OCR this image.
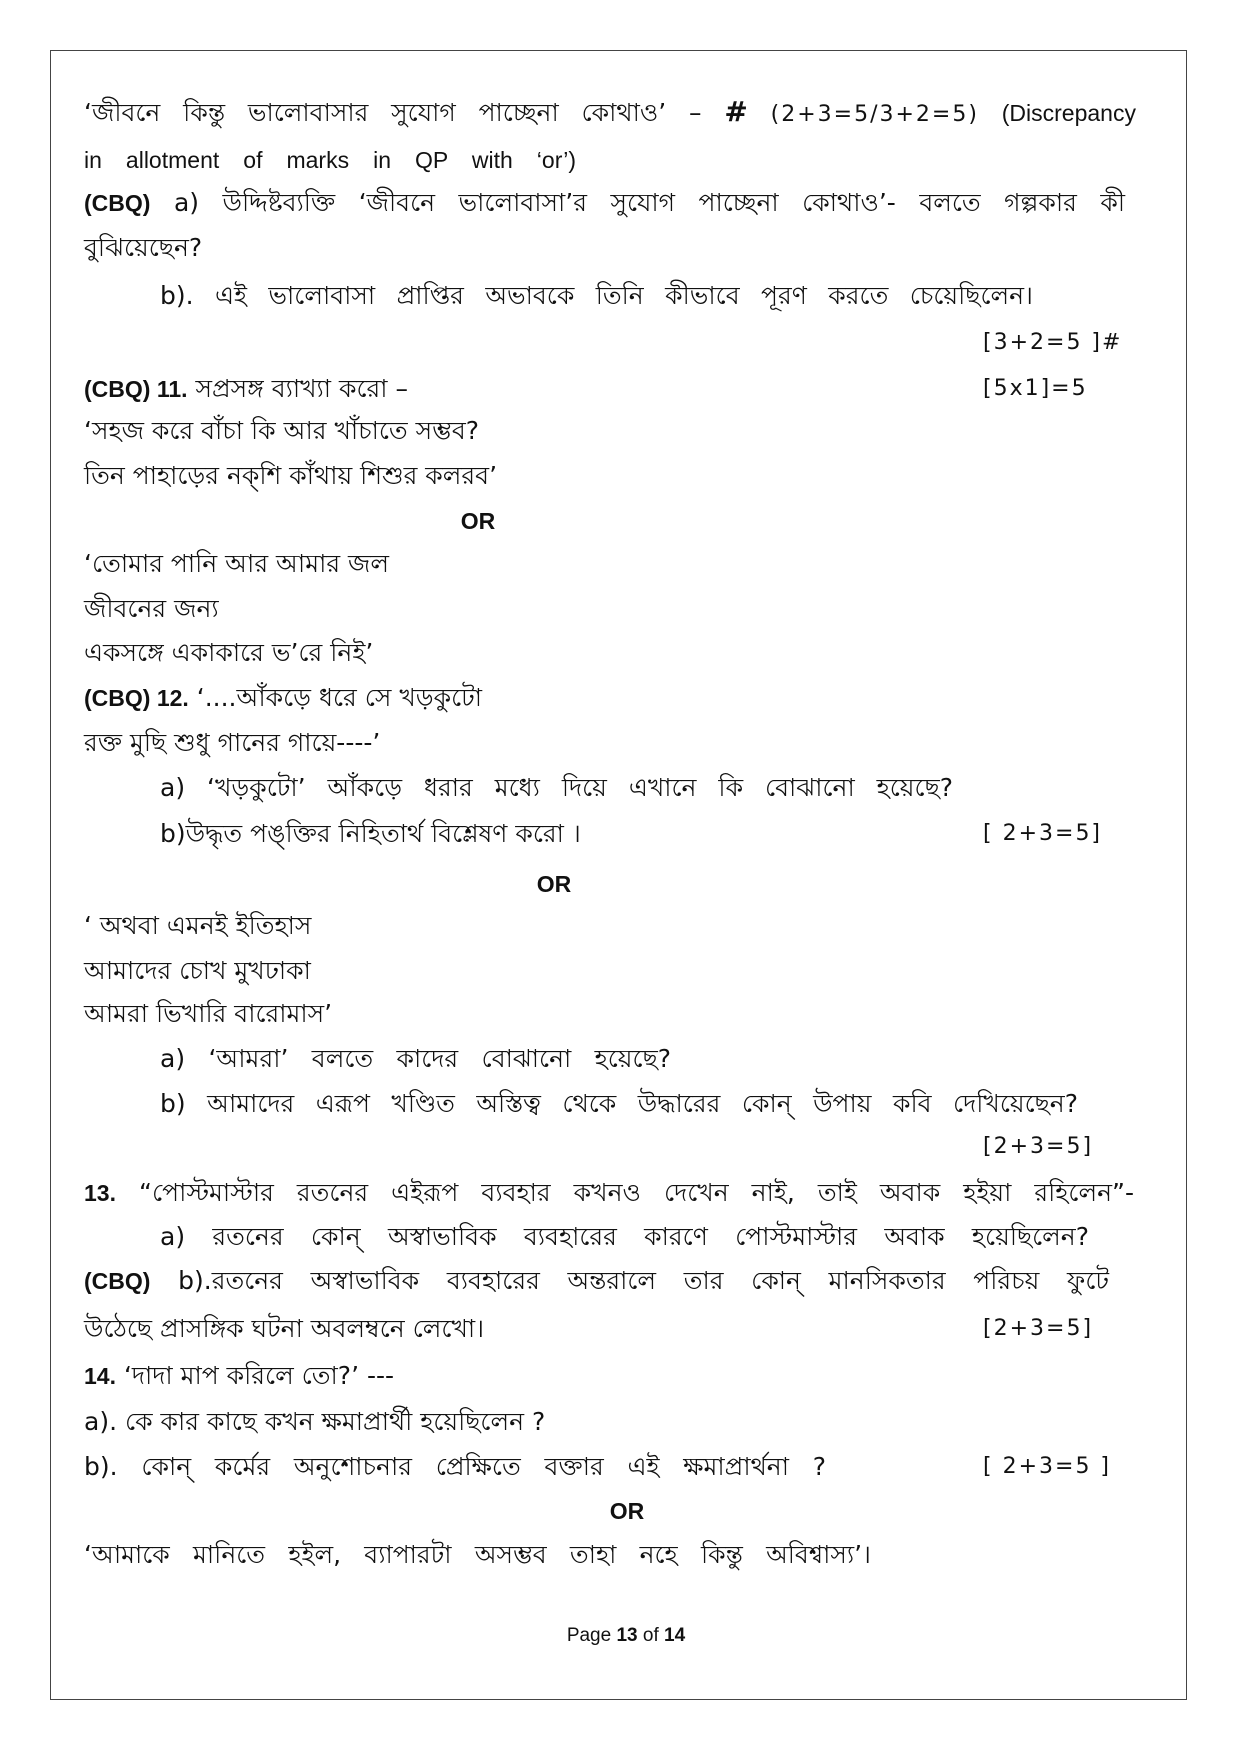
‘জীবনে কিন্তু ভালোবাসার সুযোগ পাচ্ছেনা কোথাও’ – # (2+3=5/3+2=5) (Discrepancy
in allotment of marks in QP with ‘or’)
(CBQ) a) উদ্দিষ্টব্যক্তি ‘জীবনে ভালোবাসা’র সুযোগ পাচ্ছেনা কোথাও’- বলতে গল্পকার কী
বুঝিয়েছেন?
b). এই ভালোবাসা প্রাপ্তির অভাবকে তিনি কীভাবে পূরণ করতে চেয়েছিলেন।
[3+2=5 ]#
(CBQ) 11. সপ্রসঙ্গ ব্যাখ্যা করো –	[5x1]=5
‘সহজ করে বাঁচা কি আর খাঁচাতে সম্ভব?
তিন পাহাড়ের নক্‌শি কাঁথায় শিশুর কলরব’
OR
‘তোমার পানি আর আমার জল
জীবনের জন্য
একসঙ্গে একাকারে ভ’রে নিই’
(CBQ) 12. ‘....আঁকড়ে ধরে সে খড়কুটো
রক্ত মুছি শুধু গানের গায়ে----’
a) ‘খড়কুটো’ আঁকড়ে ধরার মধ্যে দিয়ে এখানে কি বোঝানো হয়েছে?
b)উদ্ধৃত পঙ্‌ক্তির নিহিতার্থ বিশ্লেষণ করো ।	[ 2+3=5]
OR
‘ অথবা এমনই ইতিহাস
আমাদের চোখ মুখঢাকা
আমরা ভিখারি বারোমাস’
a) ‘আমরা’ বলতে কাদের বোঝানো হয়েছে?
b) আমাদের এরূপ খণ্ডিত অস্তিত্ব থেকে উদ্ধারের কোন্ উপায় কবি দেখিয়েছেন?
[2+3=5]
13. “পোস্টমাস্টার রতনের এইরূপ ব্যবহার কখনও দেখেন নাই, তাই অবাক হইয়া রহিলেন”-
a) রতনের কোন্ অস্বাভাবিক ব্যবহারের কারণে পোস্টমাস্টার অবাক হয়েছিলেন?
(CBQ) b).রতনের অস্বাভাবিক ব্যবহারের অন্তরালে তার কোন্ মানসিকতার পরিচয় ফুটে
উঠেছে প্রাসঙ্গিক ঘটনা অবলম্বনে লেখো।	[2+3=5]
14. ‘দাদা মাপ করিলে তো?’ ---
a). কে কার কাছে কখন ক্ষমাপ্রার্থী হয়েছিলেন ?
b). কোন্ কর্মের অনুশোচনার প্রেক্ষিতে বক্তার এই ক্ষমাপ্রার্থনা ?	[ 2+3=5 ]
OR
‘আমাকে মানিতে হইল, ব্যাপারটা অসম্ভব তাহা নহে কিন্তু অবিশ্বাস্য’।
Page 13 of 14
